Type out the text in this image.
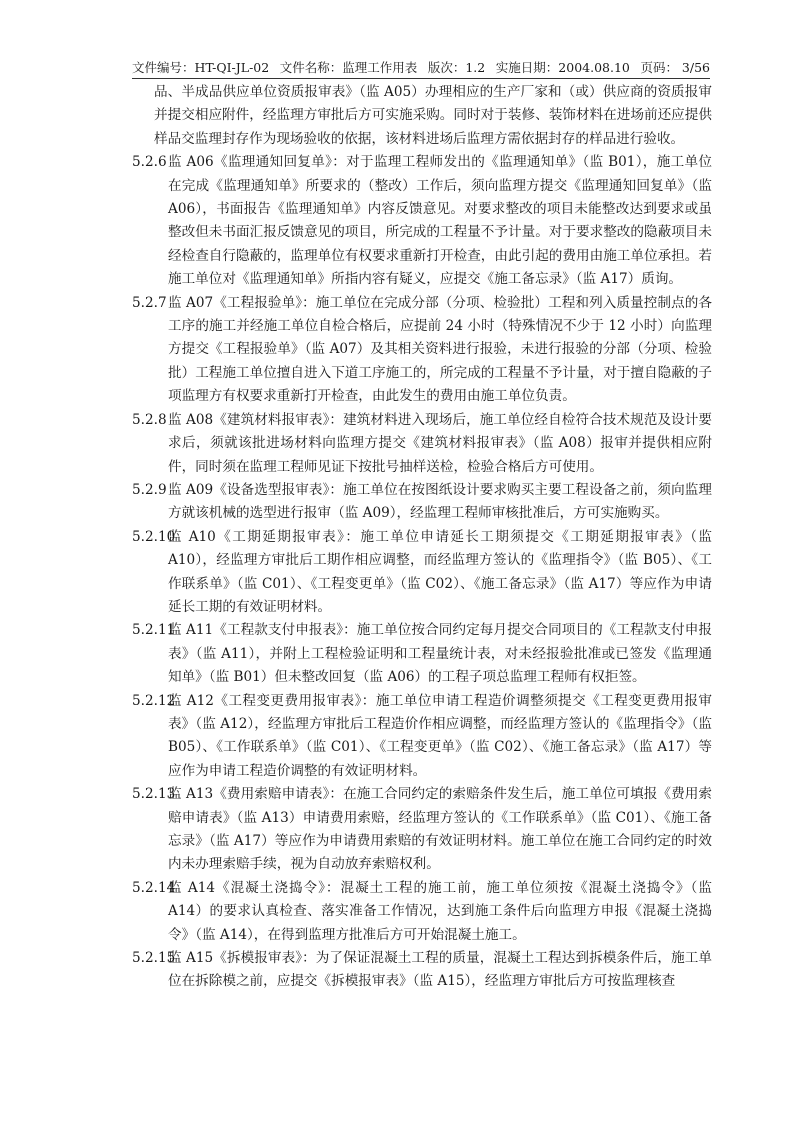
文件编号：HT-QI-JL-02 文件名称：监理工作用表 版次：1.2 实施日期：2004.08.10 页码： 3/56

品、半成品供应单位资质报审表》（监 A05）办理相应的生产厂家和（或）供应商的资质报审并提交相应附件，经监理方审批后方可实施采购。同时对于装修、装饰材料在进场前还应提供样品交监理封存作为现场验收的依据，该材料进场后监理方需依据封存的样品进行验收。

5.2.6 监 A06《监理通知回复单》：对于监理工程师发出的《监理通知单》（监 B01），施工单位在完成《监理通知单》所要求的（整改）工作后，须向监理方提交《监理通知回复单》（监 A06），书面报告《监理通知单》内容反馈意见。对要求整改的项目未能整改达到要求或虽整改但未书面汇报反馈意见的项目，所完成的工程量不予计量。对于要求整改的隐蔽项目未经检查自行隐蔽的，监理单位有权要求重新打开检查，由此引起的费用由施工单位承担。若施工单位对《监理通知单》所指内容有疑义，应提交《施工备忘录》（监 A17）质询。
5.2.7 监 A07《工程报验单》：施工单位在完成分部（分项、检验批）工程和列入质量控制点的各工序的施工并经施工单位自检合格后，应提前 24 小时（特殊情况不少于 12 小时）向监理方提交《工程报验单》（监 A07）及其相关资料进行报验，未进行报验的分部（分项、检验批）工程施工单位擅自进入下道工序施工的，所完成的工程量不予计量，对于擅自隐蔽的子项监理方有权要求重新打开检查，由此发生的费用由施工单位负责。
5.2.8 监 A08《建筑材料报审表》：建筑材料进入现场后，施工单位经自检符合技术规范及设计要求后，须就该批进场材料向监理方提交《建筑材料报审表》（监 A08）报审并提供相应附件，同时须在监理工程师见证下按批号抽样送检，检验合格后方可使用。
5.2.9 监 A09《设备选型报审表》：施工单位在按图纸设计要求购买主要工程设备之前，须向监理方就该机械的选型进行报审（监 A09），经监理工程师审核批准后，方可实施购买。
5.2.10
监 A10《工期延期报审表》：施工单位申请延长工期须提交《工期延期报审表》（监 A10），经监理方审批后工期作相应调整，而经监理方签认的《监理指令》（监 B05）、《工作联系单》（监 C01）、《工程变更单》（监 C02）、《施工备忘录》（监 A17）等应作为申请延长工期的有效证明材料。
5.2.11
监 A11《工程款支付申报表》：施工单位按合同约定每月提交合同项目的《工程款支付申报表》（监 A11），并附上工程检验证明和工程量统计表，对未经报验批准或已签发《监理通知单》（监 B01）但未整改回复（监 A06）的工程子项总监理工程师有权拒签。
5.2.12
监 A12《工程变更费用报审表》：施工单位申请工程造价调整须提交《工程变更费用报审表》（监 A12），经监理方审批后工程造价作相应调整，而经监理方签认的《监理指令》（监 B05）、《工作联系单》（监 C01）、《工程变更单》（监 C02）、《施工备忘录》（监 A17）等应作为申请工程造价调整的有效证明材料。
5.2.13
监 A13《费用索赔申请表》：在施工合同约定的索赔条件发生后，施工单位可填报《费用索赔申请表》（监 A13）申请费用索赔，经监理方签认的《工作联系单》（监 C01）、《施工备忘录》（监 A17）等应作为申请费用索赔的有效证明材料。施工单位在施工合同约定的时效内未办理索赔手续，视为自动放弃索赔权利。
5.2.14
监 A14《混凝土浇捣令》：混凝土工程的施工前，施工单位须按《混凝土浇捣令》（监 A14）的要求认真检查、落实准备工作情况，达到施工条件后向监理方申报《混凝土浇捣令》（监 A14），在得到监理方批准后方可开始混凝土施工。
5.2.15
监 A15《拆模报审表》：为了保证混凝土工程的质量，混凝土工程达到拆模条件后，施工单位在拆除模之前，应提交《拆模报审表》（监 A15），经监理方审批后方可按监理核查
